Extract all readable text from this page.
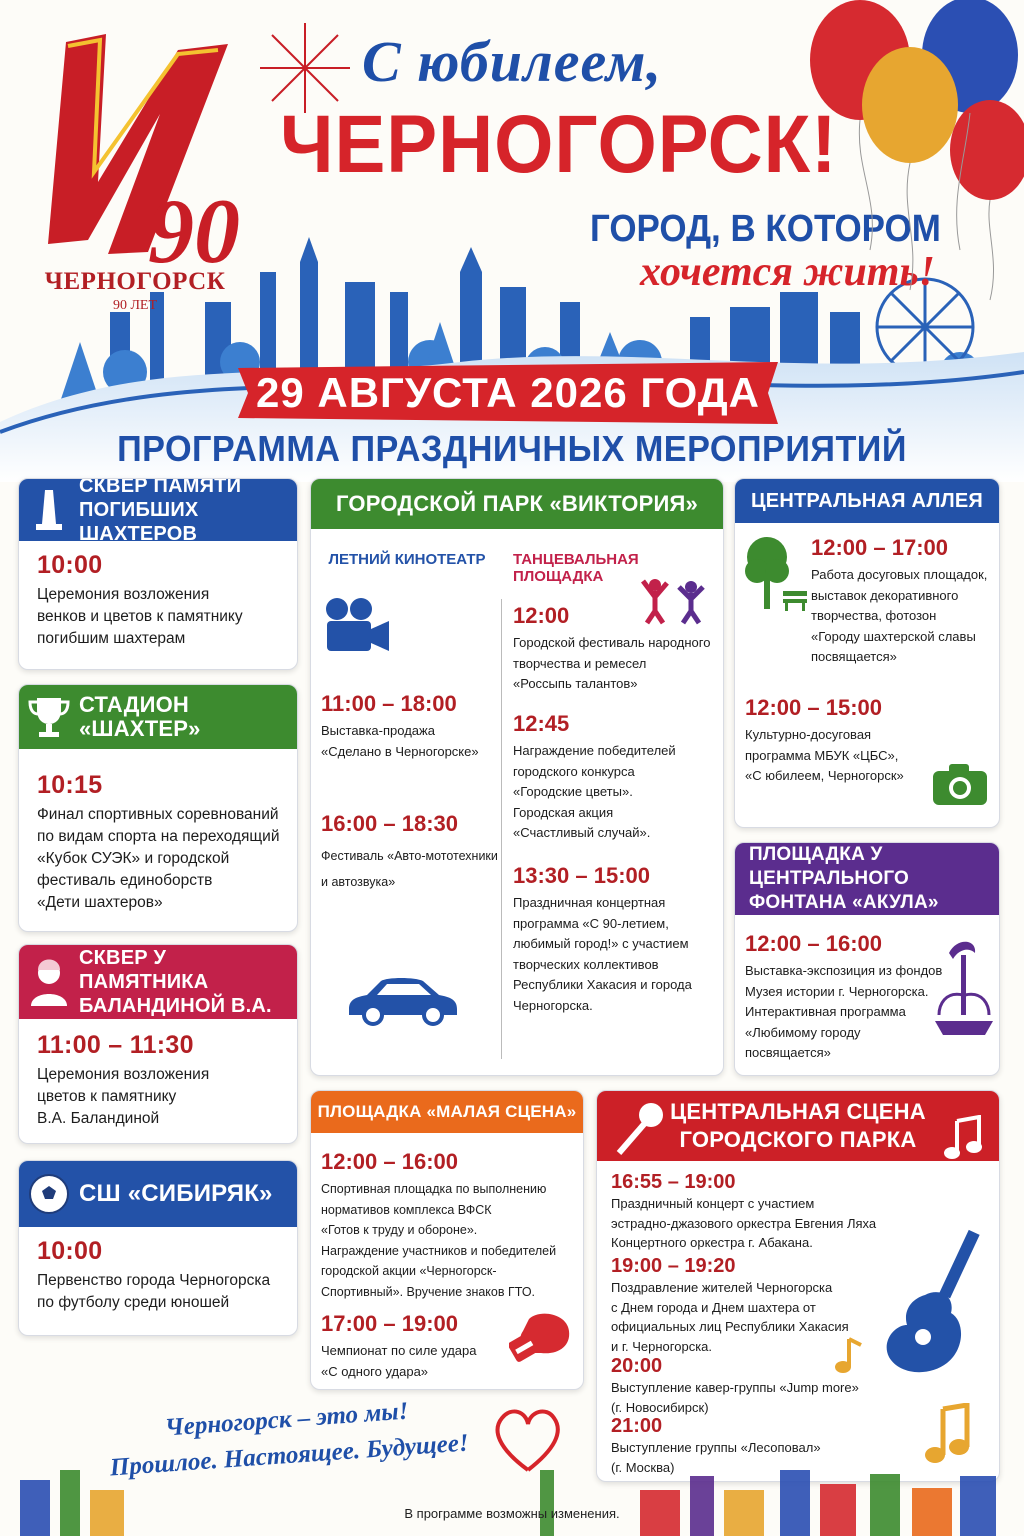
90
ЧЕРНОГОРСК
90 ЛЕТ
С юбилеем,
ЧЕРНОГОРСК!
ГОРОД, В КОТОРОМ
хочется жить!
29 АВГУСТА 2026 ГОДА
ПРОГРАММА ПРАЗДНИЧНЫХ МЕРОПРИЯТИЙ
СКВЕР ПАМЯТИ
ПОГИБШИХ ШАХТЕРОВ
10:00
Церемония возложения
венков и цветов к памятнику
погибшим шахтерам
СТАДИОН «ШАХТЕР»
10:15
Финал спортивных соревнований
по видам спорта на переходящий
«Кубок СУЭК» и городской
фестиваль единоборств
«Дети шахтеров»
СКВЕР У ПАМЯТНИКА
БАЛАНДИНОЙ В.А.
11:00 – 11:30
Церемония возложения
цветов к памятнику
В.А. Баландиной
СШ «СИБИРЯК»
10:00
Первенство города Черногорска
по футболу среди юношей
ГОРОДСКОЙ ПАРК «ВИКТОРИЯ»
ЛЕТНИЙ КИНОТЕАТР
11:00 – 18:00
Выставка-продажа
«Сделано в Черногорске»
16:00 – 18:30
Фестиваль «Авто-мототехники
и автозвука»
ТАНЦЕВАЛЬНАЯ ПЛОЩАДКА
12:00
Городской фестиваль народного
творчества и ремесел
«Россыпь талантов»
12:45
Награждение победителей
городского конкурса
«Городские цветы».
Городская акция
«Счастливый случай».
13:30 – 15:00
Праздничная концертная
программа «С 90-летием,
любимый город!» с участием
творческих коллективов
Республики Хакасия и города
Черногорска.
ЦЕНТРАЛЬНАЯ АЛЛЕЯ
12:00 – 17:00
Работа досуговых площадок,
выставок декоративного
творчества, фотозон
«Городу шахтерской славы
посвящается»
12:00 – 15:00
Культурно-досуговая
программа МБУК «ЦБС»,
«С юбилеем, Черногорск»
ПЛОЩАДКА У ЦЕНТРАЛЬНОГО
ФОНТАНА «АКУЛА»
12:00 – 16:00
Выставка-экспозиция из фондов
Музея истории г. Черногорска.
Интерактивная программа
«Любимому городу
посвящается»
ПЛОЩАДКА «МАЛАЯ СЦЕНА»
12:00 – 16:00
Спортивная площадка по выполнению
нормативов комплекса ВФСК
«Готов к труду и обороне».
Награждение участников и победителей
городской акции «Черногорск-
Спортивный». Вручение знаков ГТО.
17:00 – 19:00
Чемпионат по силе удара
«С одного удара»
ЦЕНТРАЛЬНАЯ СЦЕНА
ГОРОДСКОГО ПАРКА
16:55 – 19:00
Праздничный концерт с участием
эстрадно-джазового оркестра Евгения Ляха
Концертного оркестра г. Абакана.
19:00 – 19:20
Поздравление жителей Черногорска
с Днем города и Днем шахтера от
официальных лиц Республики Хакасия
и г. Черногорска.
20:00
Выступление кавер-группы «Jump more»
(г. Новосибирск)
21:00
Выступление группы «Лесоповал»
(г. Москва)
Черногорск – это мы!
Прошлое. Настоящее. Будущее!
В программе возможны изменения.
